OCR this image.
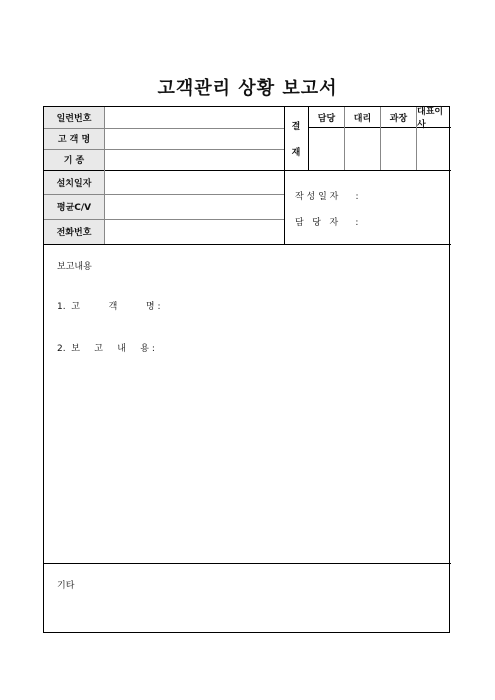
고객관리 상황 보고서
일련번호
고 객 명
기 종
설치일자
평균C/V
전화번호
결
재
담당	대리	과장
대표이사
작 성 일 자      :
담   당   자      :
보고내용
1.  고          객          명 :
2.  보     고     내     용 :
기타
